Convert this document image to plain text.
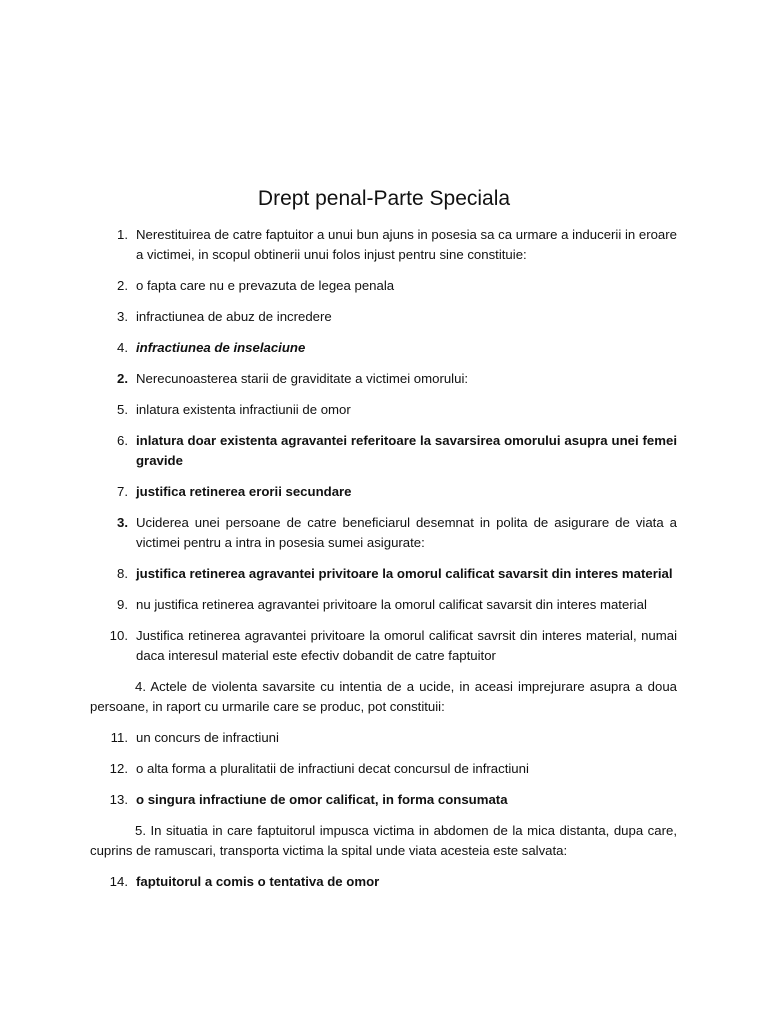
Drept penal-Parte Speciala
1. Nerestituirea de catre faptuitor a unui bun ajuns in posesia sa ca urmare a inducerii in eroare a victimei, in scopul obtinerii unui folos injust pentru sine constituie:
2. o fapta care nu e prevazuta de legea penala
3. infractiunea de abuz de incredere
4. infractiunea de inselaciune
2. Nerecunoasterea starii de graviditate a victimei omorului:
5. inlatura existenta infractiunii de omor
6. inlatura doar existenta agravantei referitoare la savarsirea omorului asupra unei femei gravide
7. justifica retinerea erorii secundare
3. Uciderea unei persoane de catre beneficiarul desemnat in polita de asigurare de viata a victimei pentru a intra in posesia sumei asigurate:
8. justifica retinerea agravantei privitoare la omorul calificat savarsit din interes material
9. nu justifica retinerea agravantei privitoare la omorul calificat savarsit din interes material
10. Justifica retinerea agravantei privitoare la omorul calificat savrsit din interes material, numai daca interesul material este efectiv dobandit de catre faptuitor

4. Actele de violenta savarsite cu intentia de a ucide, in aceasi imprejurare asupra a doua persoane, in raport cu urmarile care se produc, pot constituii:

11. un concurs de infractiuni
12. o alta forma a pluralitatii de infractiuni decat concursul de infractiuni
13. o singura infractiune de omor calificat, in forma consumata

5. In situatia in care faptuitorul impusca victima in abdomen de la mica distanta, dupa care, cuprins de ramuscari, transporta victima la spital unde viata acesteia este salvata:

14. faptuitorul a comis o tentativa de omor
